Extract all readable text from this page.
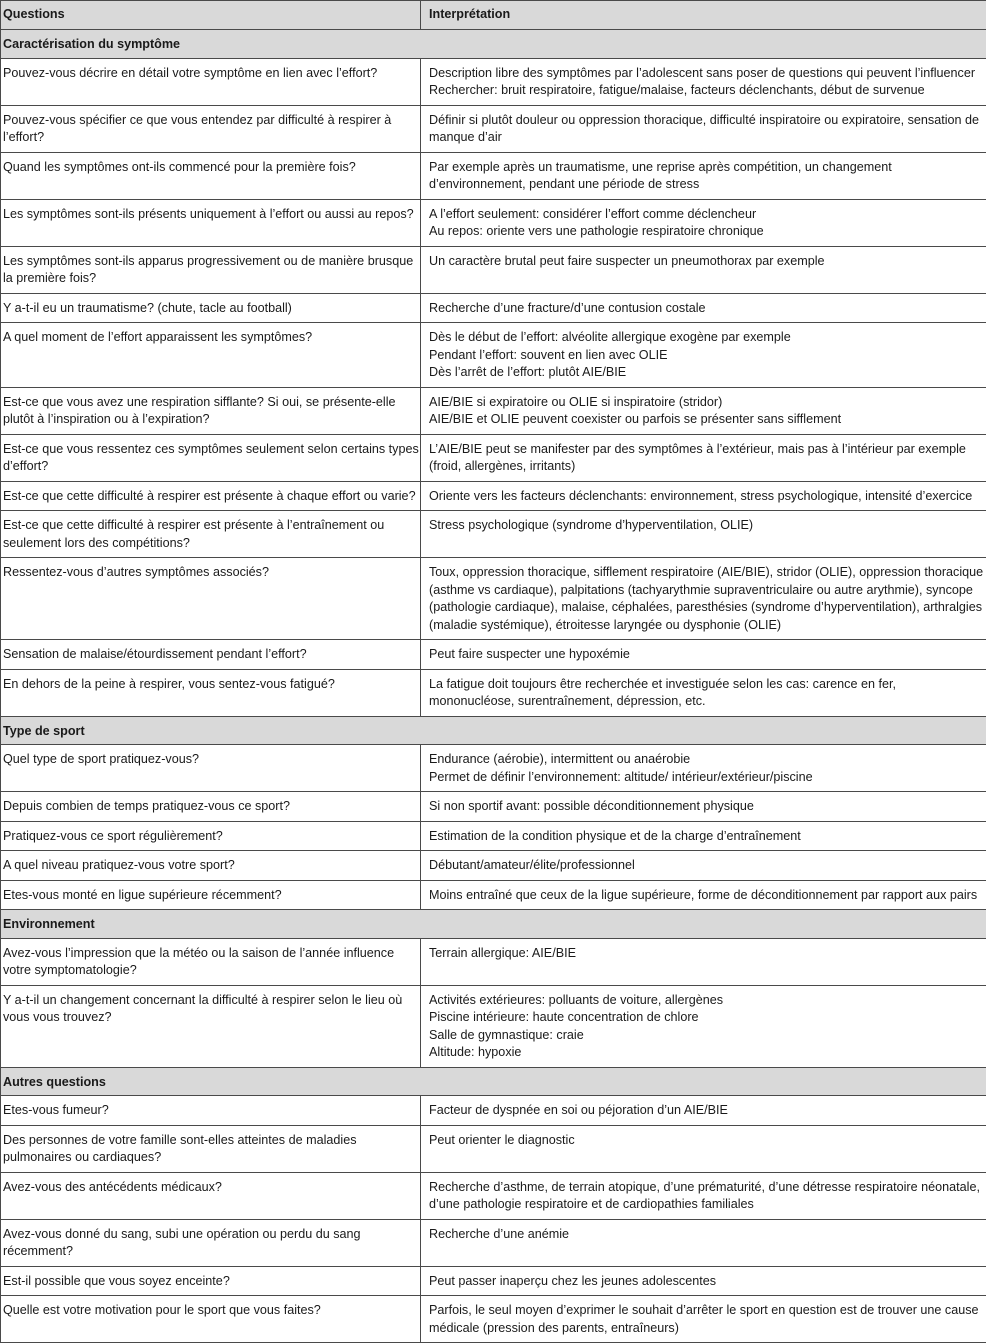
Questions	Interprétation
Caractérisation du symptôme	
Pouvez-vous décrire en détail votre symptôme en lien avec l’effort?	Description libre des symptômes par l’adolescent sans poser de questions qui peuvent l’influencer
Rechercher: bruit respiratoire, fatigue/malaise, facteurs déclenchants, début de survenue

Pouvez-vous spécifier ce que vous entendez par difficulté à respirer à l’effort?	Définir si plutôt douleur ou oppression thoracique, difficulté inspiratoire ou expiratoire, sensation de manque d’air

Quand les symptômes ont-ils commencé pour la première fois?	Par exemple après un traumatisme, une reprise après compétition, un changement d’environnement, pendant une période de stress

Les symptômes sont-ils présents uniquement à l’effort ou aussi au repos?	A l’effort seulement: considérer l’effort comme déclencheur
Au repos: oriente vers une pathologie respiratoire chronique

Les symptômes sont-ils apparus progressivement ou de manière brusque la première fois?	Un caractère brutal peut faire suspecter un pneumothorax par exemple

Y a-t-il eu un traumatisme? (chute, tacle au football)	Recherche d’une fracture/d’une contusion costale

A quel moment de l’effort apparaissent les symptômes?	Dès le début de l’effort: alvéolite allergique exogène par exemple
Pendant l’effort: souvent en lien avec OLIE
Dès l’arrêt de l’effort: plutôt AIE/BIE

Est-ce que vous avez une respiration sifflante? Si oui, se présente-elle plutôt à l’inspiration ou à l’expiration?	AIE/BIE si expiratoire ou OLIE si inspiratoire (stridor)
AIE/BIE et OLIE peuvent coexister ou parfois se présenter sans sifflement

Est-ce que vous ressentez ces symptômes seulement selon certains types d’effort?	L’AIE/BIE peut se manifester par des symptômes à l’extérieur, mais pas à l’intérieur par exemple (froid, allergènes, irritants)

Est-ce que cette difficulté à respirer est présente à chaque effort ou varie?	Oriente vers les facteurs déclenchants: environnement, stress psychologique, intensité d’exercice

Est-ce que cette difficulté à respirer est présente à l’entraînement ou seulement lors des compétitions?	Stress psychologique (syndrome d’hyperventilation, OLIE)

Ressentez-vous d’autres symptômes associés?	Toux, oppression thoracique, sifflement respiratoire (AIE/BIE), stridor (OLIE), oppression thoracique (asthme vs cardiaque), palpitations (tachyarythmie supraventriculaire ou autre arythmie), syncope (pathologie cardiaque), malaise, céphalées, paresthésies (syndrome d’hyperventilation), arthralgies (maladie systémique), étroitesse laryngée ou dysphonie (OLIE)

Sensation de malaise/étourdissement pendant l’effort?	Peut faire suspecter une hypoxémie

En dehors de la peine à respirer, vous sentez-vous fatigué?	La fatigue doit toujours être recherchée et investiguée selon les cas: carence en fer, mononucléose, surentraînement, dépression, etc.

Type de sport	
Quel type de sport pratiquez-vous?	Endurance (aérobie), intermittent ou anaérobie
Permet de définir l’environnement: altitude/ intérieur/extérieur/piscine

Depuis combien de temps pratiquez-vous ce sport?	Si non sportif avant: possible déconditionnement physique

Pratiquez-vous ce sport régulièrement?	Estimation de la condition physique et de la charge d’entraînement

A quel niveau pratiquez-vous votre sport?	Débutant/amateur/élite/professionnel

Etes-vous monté en ligue supérieure récemment?	Moins entraîné que ceux de la ligue supérieure, forme de déconditionnement par rapport aux pairs

Environnement	
Avez-vous l’impression que la météo ou la saison de l’année influence votre symptomatologie?	Terrain allergique: AIE/BIE

Y a-t-il un changement concernant la difficulté à respirer selon le lieu où vous vous trouvez?	Activités extérieures: polluants de voiture, allergènes
Piscine intérieure: haute concentration de chlore
Salle de gymnastique: craie
Altitude: hypoxie

Autres questions	
Etes-vous fumeur?	Facteur de dyspnée en soi ou péjoration d’un AIE/BIE

Des personnes de votre famille sont-elles atteintes de maladies pulmonaires ou cardiaques?	Peut orienter le diagnostic

Avez-vous des antécédents médicaux?	Recherche d’asthme, de terrain atopique, d’une prématurité, d’une détresse respiratoire néonatale, d’une pathologie respiratoire et de cardiopathies familiales

Avez-vous donné du sang, subi une opération ou perdu du sang récemment?	Recherche d’une anémie

Est-il possible que vous soyez enceinte?	Peut passer inaperçu chez les jeunes adolescentes

Quelle est votre motivation pour le sport que vous faites?	Parfois, le seul moyen d’exprimer le souhait d’arrêter le sport en question est de trouver une cause médicale (pression des parents, entraîneurs)
